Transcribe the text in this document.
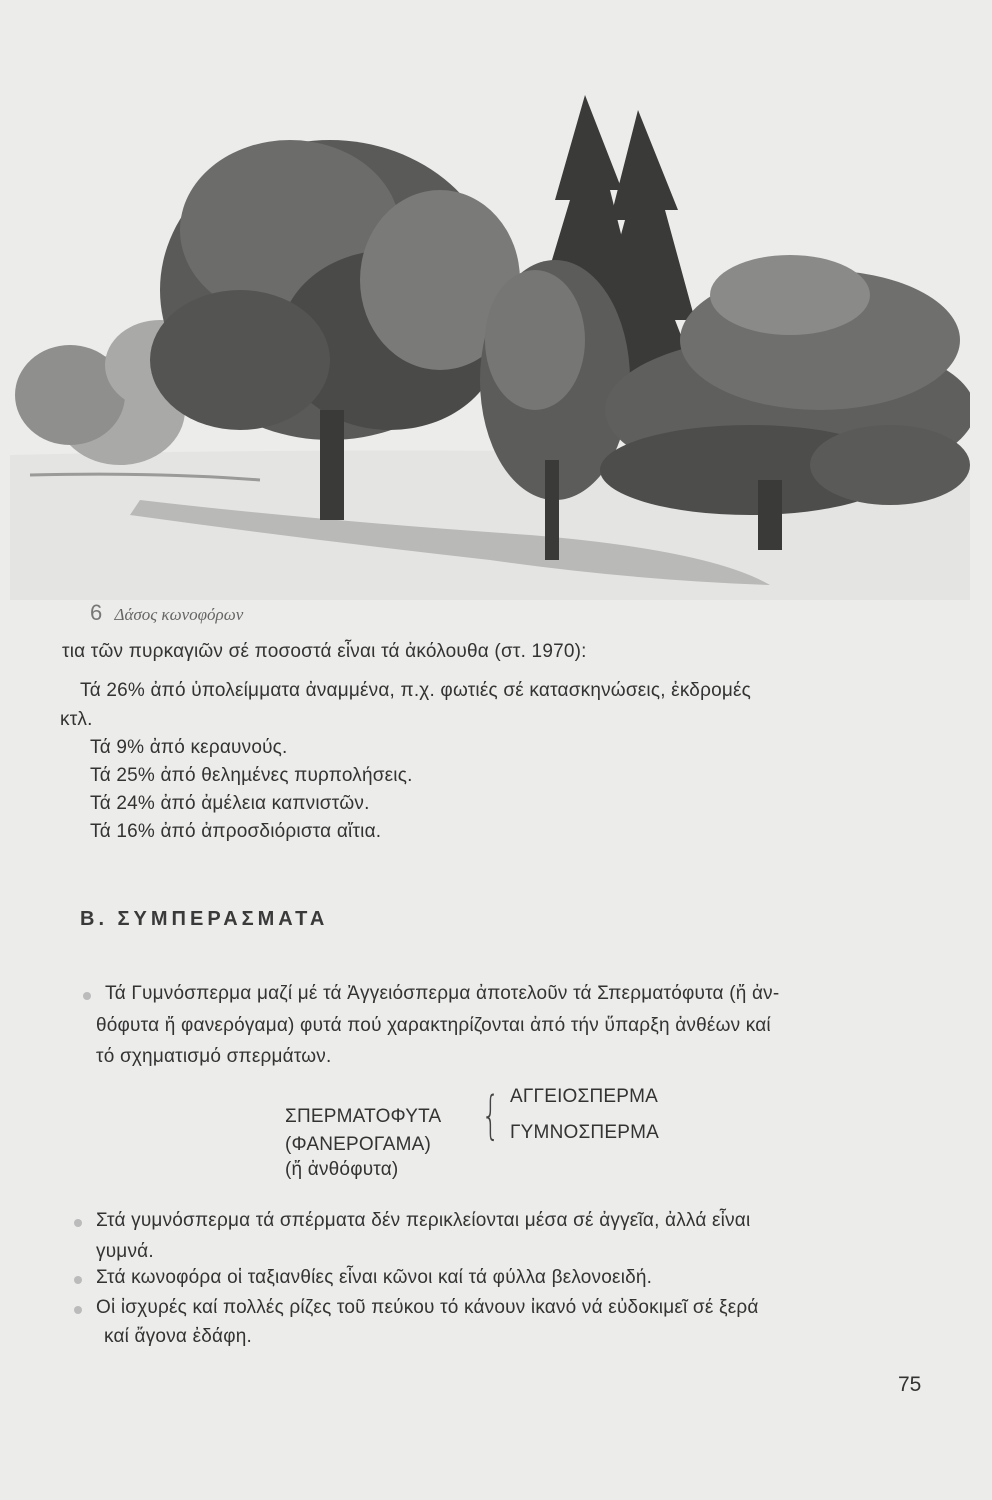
6 Δάσος κωνοφόρων
τια τῶν πυρκαγιῶν σέ ποσοστά εἶναι τά ἀκόλουθα (στ. 1970):
Τά 26% ἀπό ὑπολείμματα ἀναμμένα, π.χ. φωτιές σέ κατασκηνώσεις, ἐκδρομές
κτλ.
Τά 9% ἀπό κεραυνούς.
Τά 25% ἀπό θεληµένες πυρπολήσεις.
Τά 24% ἀπό ἀμέλεια καπνιστῶν.
Τά 16% ἀπό ἀπροσδιόριστα αἴτια.
Β. ΣΥΜΠΕΡΑΣΜΑΤΑ
Τά Γυμνόσπερμα μαζί μέ τά Ἀγγειόσπερμα ἀποτελοῦν τά Σπερματόφυτα (ἤ ἀν-
θόφυτα ἤ φανερόγαμα) φυτά πού χαρακτηρίζονται ἀπό τήν ὕπαρξη ἀνθέων καί
τό σχηματισμό σπερμάτων.
ΣΠΕΡΜΑΤΟΦΥΤΑ
(ΦΑΝΕΡΟΓΑΜΑ)
(ἤ ἀνθόφυτα)
{ ΑΓΓΕΙΟΣΠΕΡΜΑ
ΓΥΜΝΟΣΠΕΡΜΑ
Στά γυμνόσπερμα τά σπέρματα δέν περικλείονται μέσα σέ ἀγγεῖα, ἀλλά εἶναι
γυμνά.
Στά κωνοφόρα οἱ ταξιανθίες εἶναι κῶνοι καί τά φύλλα βελονοειδή.
Οἱ ἰσχυρές καί πολλές ρίζες τοῦ πεύκου τό κάνουν ἰκανό νά εὐδοκιμεῖ σέ ξερά
καί ἄγονα ἐδάφη.
75
